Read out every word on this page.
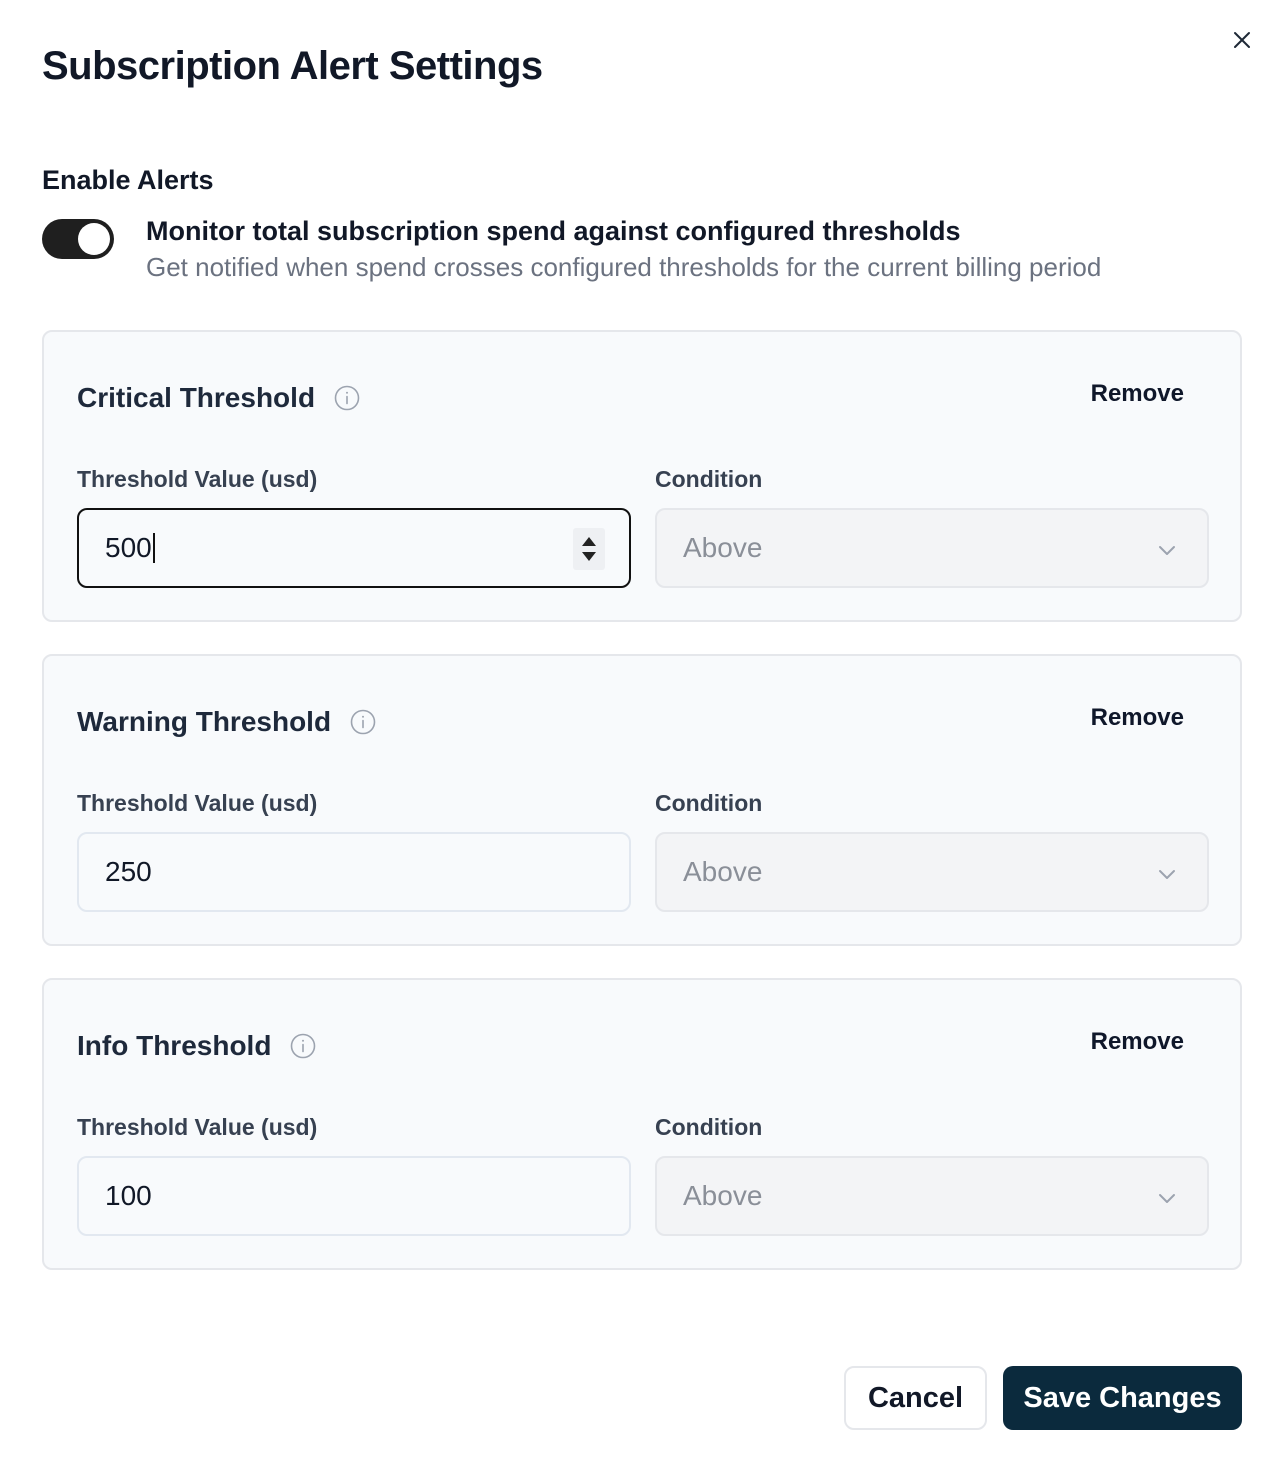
Subscription Alert Settings
Enable Alerts
Monitor total subscription spend against configured thresholds
Get notified when spend crosses configured thresholds for the current billing period
Critical Threshold	Remove
Threshold Value (usd)	Condition
500	Above
Warning Threshold	Remove
Threshold Value (usd)	Condition
250	Above
Info Threshold	Remove
Threshold Value (usd)	Condition
100	Above
Cancel	Save Changes
